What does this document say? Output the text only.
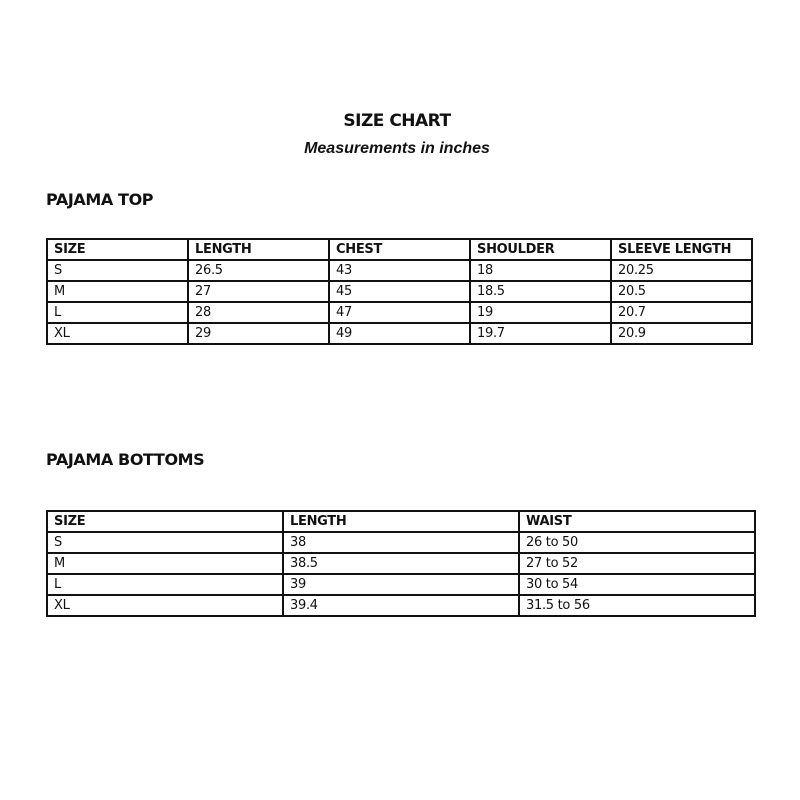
SIZE CHART

Measurements in inches

PAJAMA TOP
SIZE	LENGTH	CHEST	SHOULDER	SLEEVE LENGTH
S	26.5	43	18	20.25
M	27	45	18.5	20.5
L	28	47	19	20.7
XL	29	49	19.7	20.9
PAJAMA BOTTOMS
SIZE	LENGTH	WAIST
S	38	26 to 50
M	38.5	27 to 52
L	39	30 to 54
XL	39.4	31.5 to 56
